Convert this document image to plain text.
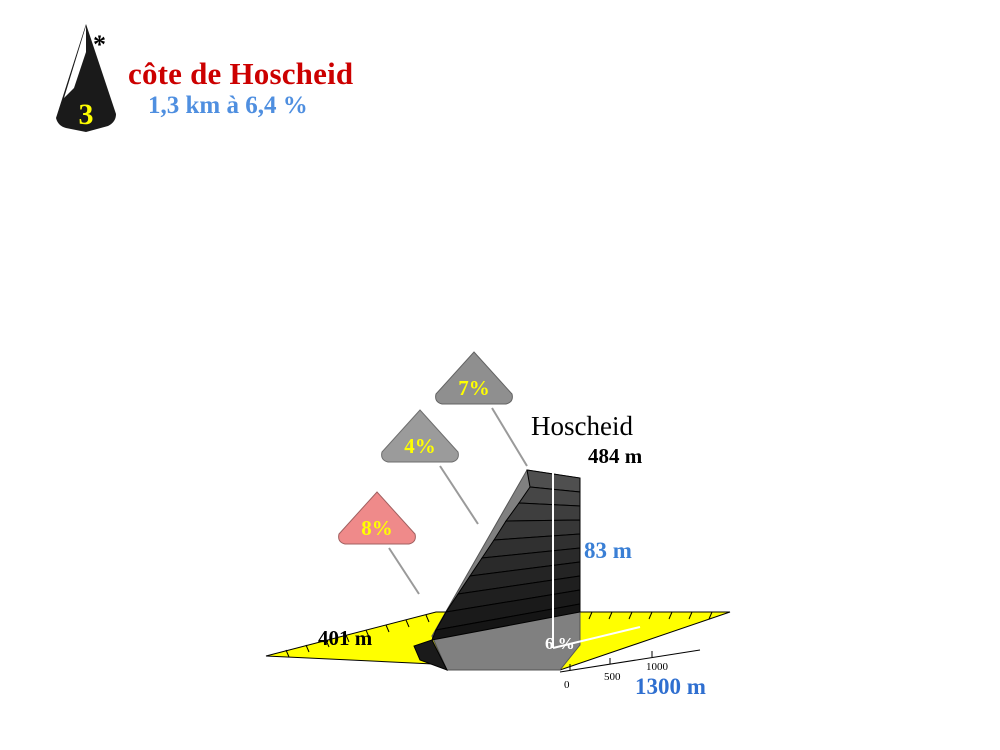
3
*
côte de Hoscheid
1,3 km à 6,4 %
8%
4%
7%
Hoscheid
484 m
401 m
83 m
1300 m
6 %
0
500
1000
